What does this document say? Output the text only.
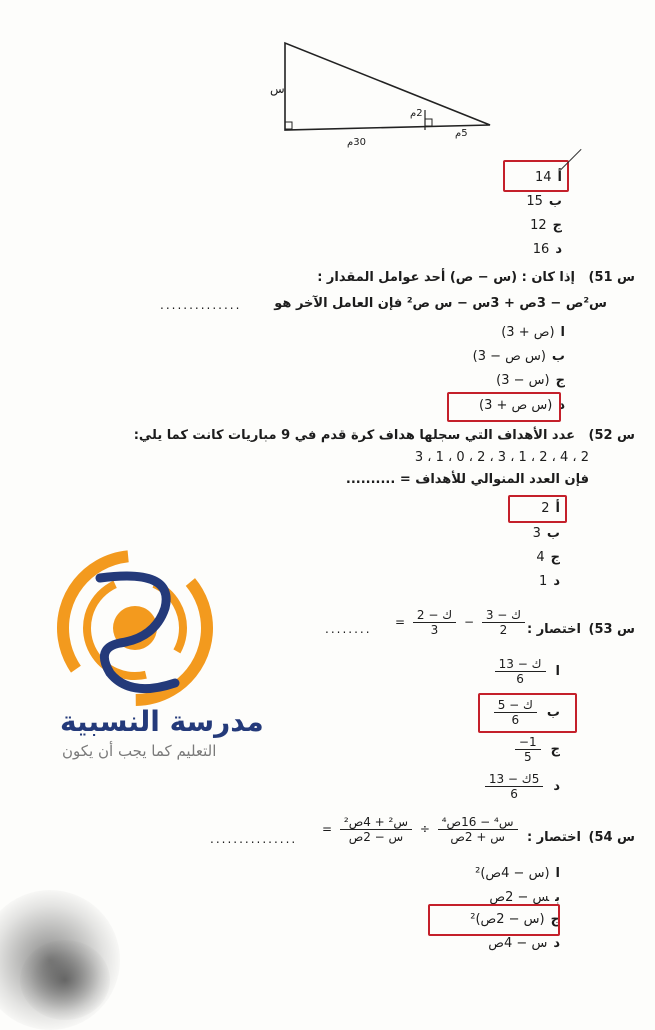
س
2م
5م
30م
أ14
ب15
ج12
د16
س 51)
إذا كان : (س − ص) أحد عوامل المقدار :
س²ص − 3ص + 3س − س ص² فإن العامل الآخر هو
..............
ا(ص + 3)
ب(س ص − 3)
ج(س − 3)
د(س ص + 3)
س 52)
عدد الأهداف التي سجلها هداف كرة قدم في 9 مباريات كانت كما يلي:
3 ، 1 ، 0 ، 2 ، 3 ، 1 ، 2 ، 4 ، 2
فإن العدد المنوالي للأهداف = ..........
أ2
ب3
ج4
د1
س 53)
اختصار :
= $\frac{\text{ك − 2}}{3} - \frac{\text{ك − 3}}{2}$
........
ا
$\frac{\text{ك − 13}}{6}$
ب
$\frac{\text{ك − 5}}{6}$
ج
$\frac{1-}{5}$
د
$\frac{\text{5ك − 13}}{6}$
س 54)
اختصار :
= $\frac{\text{س² + 4ص²}}{\text{س − 2ص}} \div \frac{\text{س⁴ − 16ص⁴}}{\text{س + 2ص}}$
...............
ا(س − 4ص)²
بس − 2ص
ج(س − 2ص)²
دس − 4ص
مدرسة النسبية
التعليم كما يجب أن يكون
